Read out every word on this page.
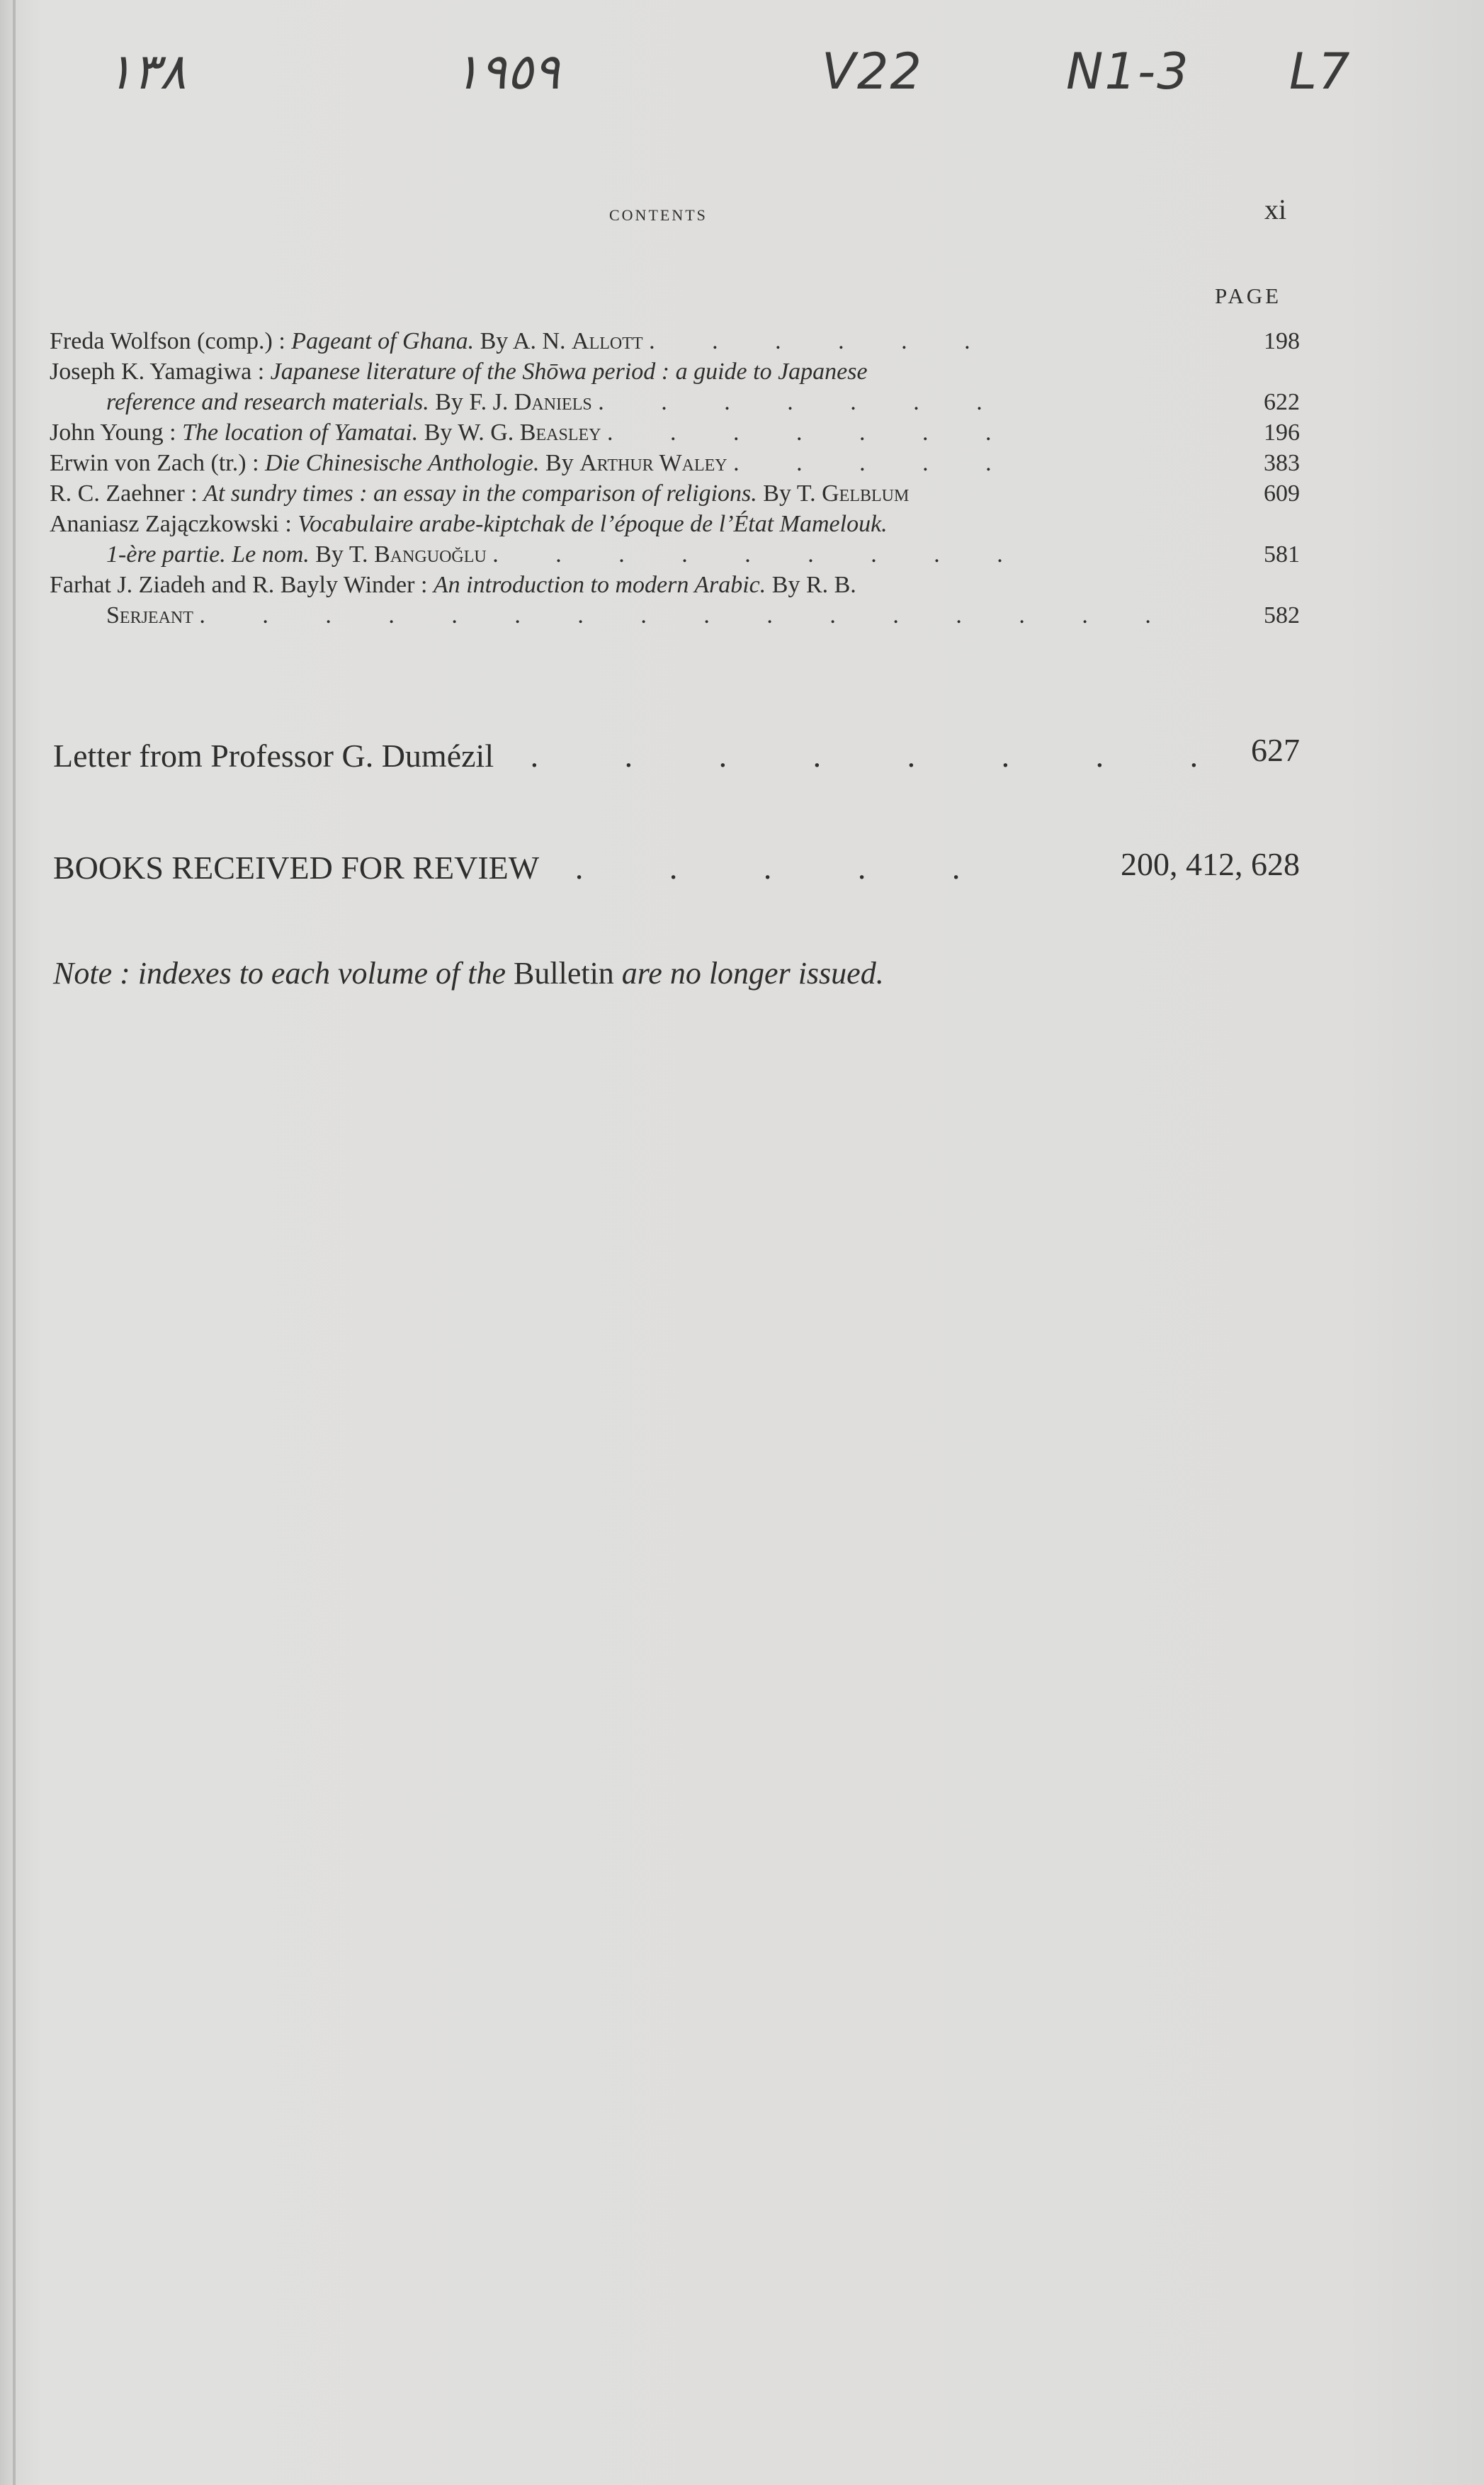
١٣٨	١٩٥٩	V22	N1-3 L7
contents	xi
PAGE
Freda Wolfson (comp.) : Pageant of Ghana. By A. N. Allott . . . . . .	198
Joseph K. Yamagiwa : Japanese literature of the Shōwa period : a guide to Japanese
reference and research materials. By F. J. Daniels . . . . . . .	622
John Young : The location of Yamatai. By W. G. Beasley . . . . . . .	196
Erwin von Zach (tr.) : Die Chinesische Anthologie. By Arthur Waley . . . . .	383
R. C. Zaehner : At sundry times : an essay in the comparison of religions. By T. Gelblum	609
Ananiasz Zajączkowski : Vocabulaire arabe-kiptchak de l’époque de l’État Mamelouk.
1-ère partie. Le nom. By T. Banguoğlu . . . . . . . . .	581
Farhat J. Ziadeh and R. Bayly Winder : An introduction to modern Arabic. By R. B.
Serjeant . . . . . . . . . . . . . . . .	582
Letter from Professor G. Dumézil . . . . . . . . 627
BOOKS RECEIVED FOR REVIEW . . . . .	200, 412, 628
Note : indexes to each volume of the Bulletin are no longer issued.
